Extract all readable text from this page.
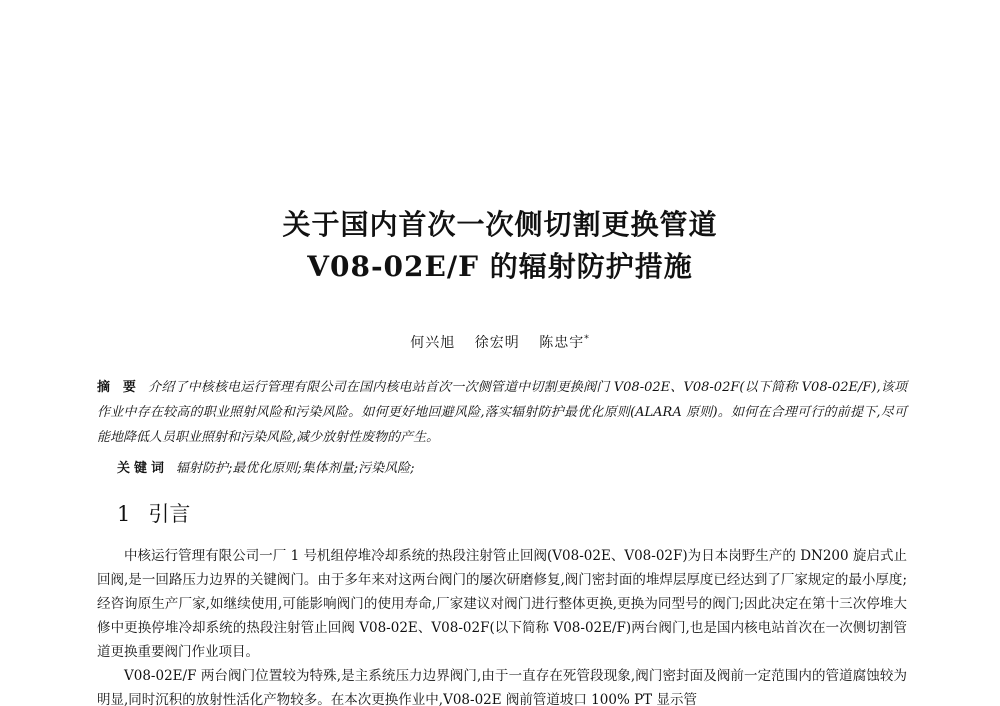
关于国内首次一次侧切割更换管道
V08-02E/F 的辐射防护措施
何兴旭 徐宏明 陈忠宇*
摘 要 介绍了中核核电运行管理有限公司在国内核电站首次一次侧管道中切割更换阀门 V08-02E、V08-02F(以下简称 V08-02E/F),该项作业中存在较高的职业照射风险和污染风险。如何更好地回避风险,落实辐射防护最优化原则(ALARA 原则)。如何在合理可行的前提下,尽可能地降低人员职业照射和污染风险,减少放射性废物的产生。
关键词 辐射防护;最优化原则;集体剂量;污染风险;
1 引言

中核运行管理有限公司一厂 1 号机组停堆冷却系统的热段注射管止回阀(V08-02E、V08-02F)为日本岗野生产的 DN200 旋启式止回阀,是一回路压力边界的关键阀门。由于多年来对这两台阀门的屡次研磨修复,阀门密封面的堆焊层厚度已经达到了厂家规定的最小厚度;经咨询原生产厂家,如继续使用,可能影响阀门的使用寿命,厂家建议对阀门进行整体更换,更换为同型号的阀门;因此决定在第十三次停堆大修中更换停堆冷却系统的热段注射管止回阀 V08-02E、V08-02F(以下简称 V08-02E/F)两台阀门,也是国内核电站首次在一次侧切割管道更换重要阀门作业项目。

V08-02E/F 两台阀门位置较为特殊,是主系统压力边界阀门,由于一直存在死管段现象,阀门密封面及阀前一定范围内的管道腐蚀较为明显,同时沉积的放射性活化产物较多。在本次更换作业中,V08-02E 阀前管道坡口 100% PT 显示管
